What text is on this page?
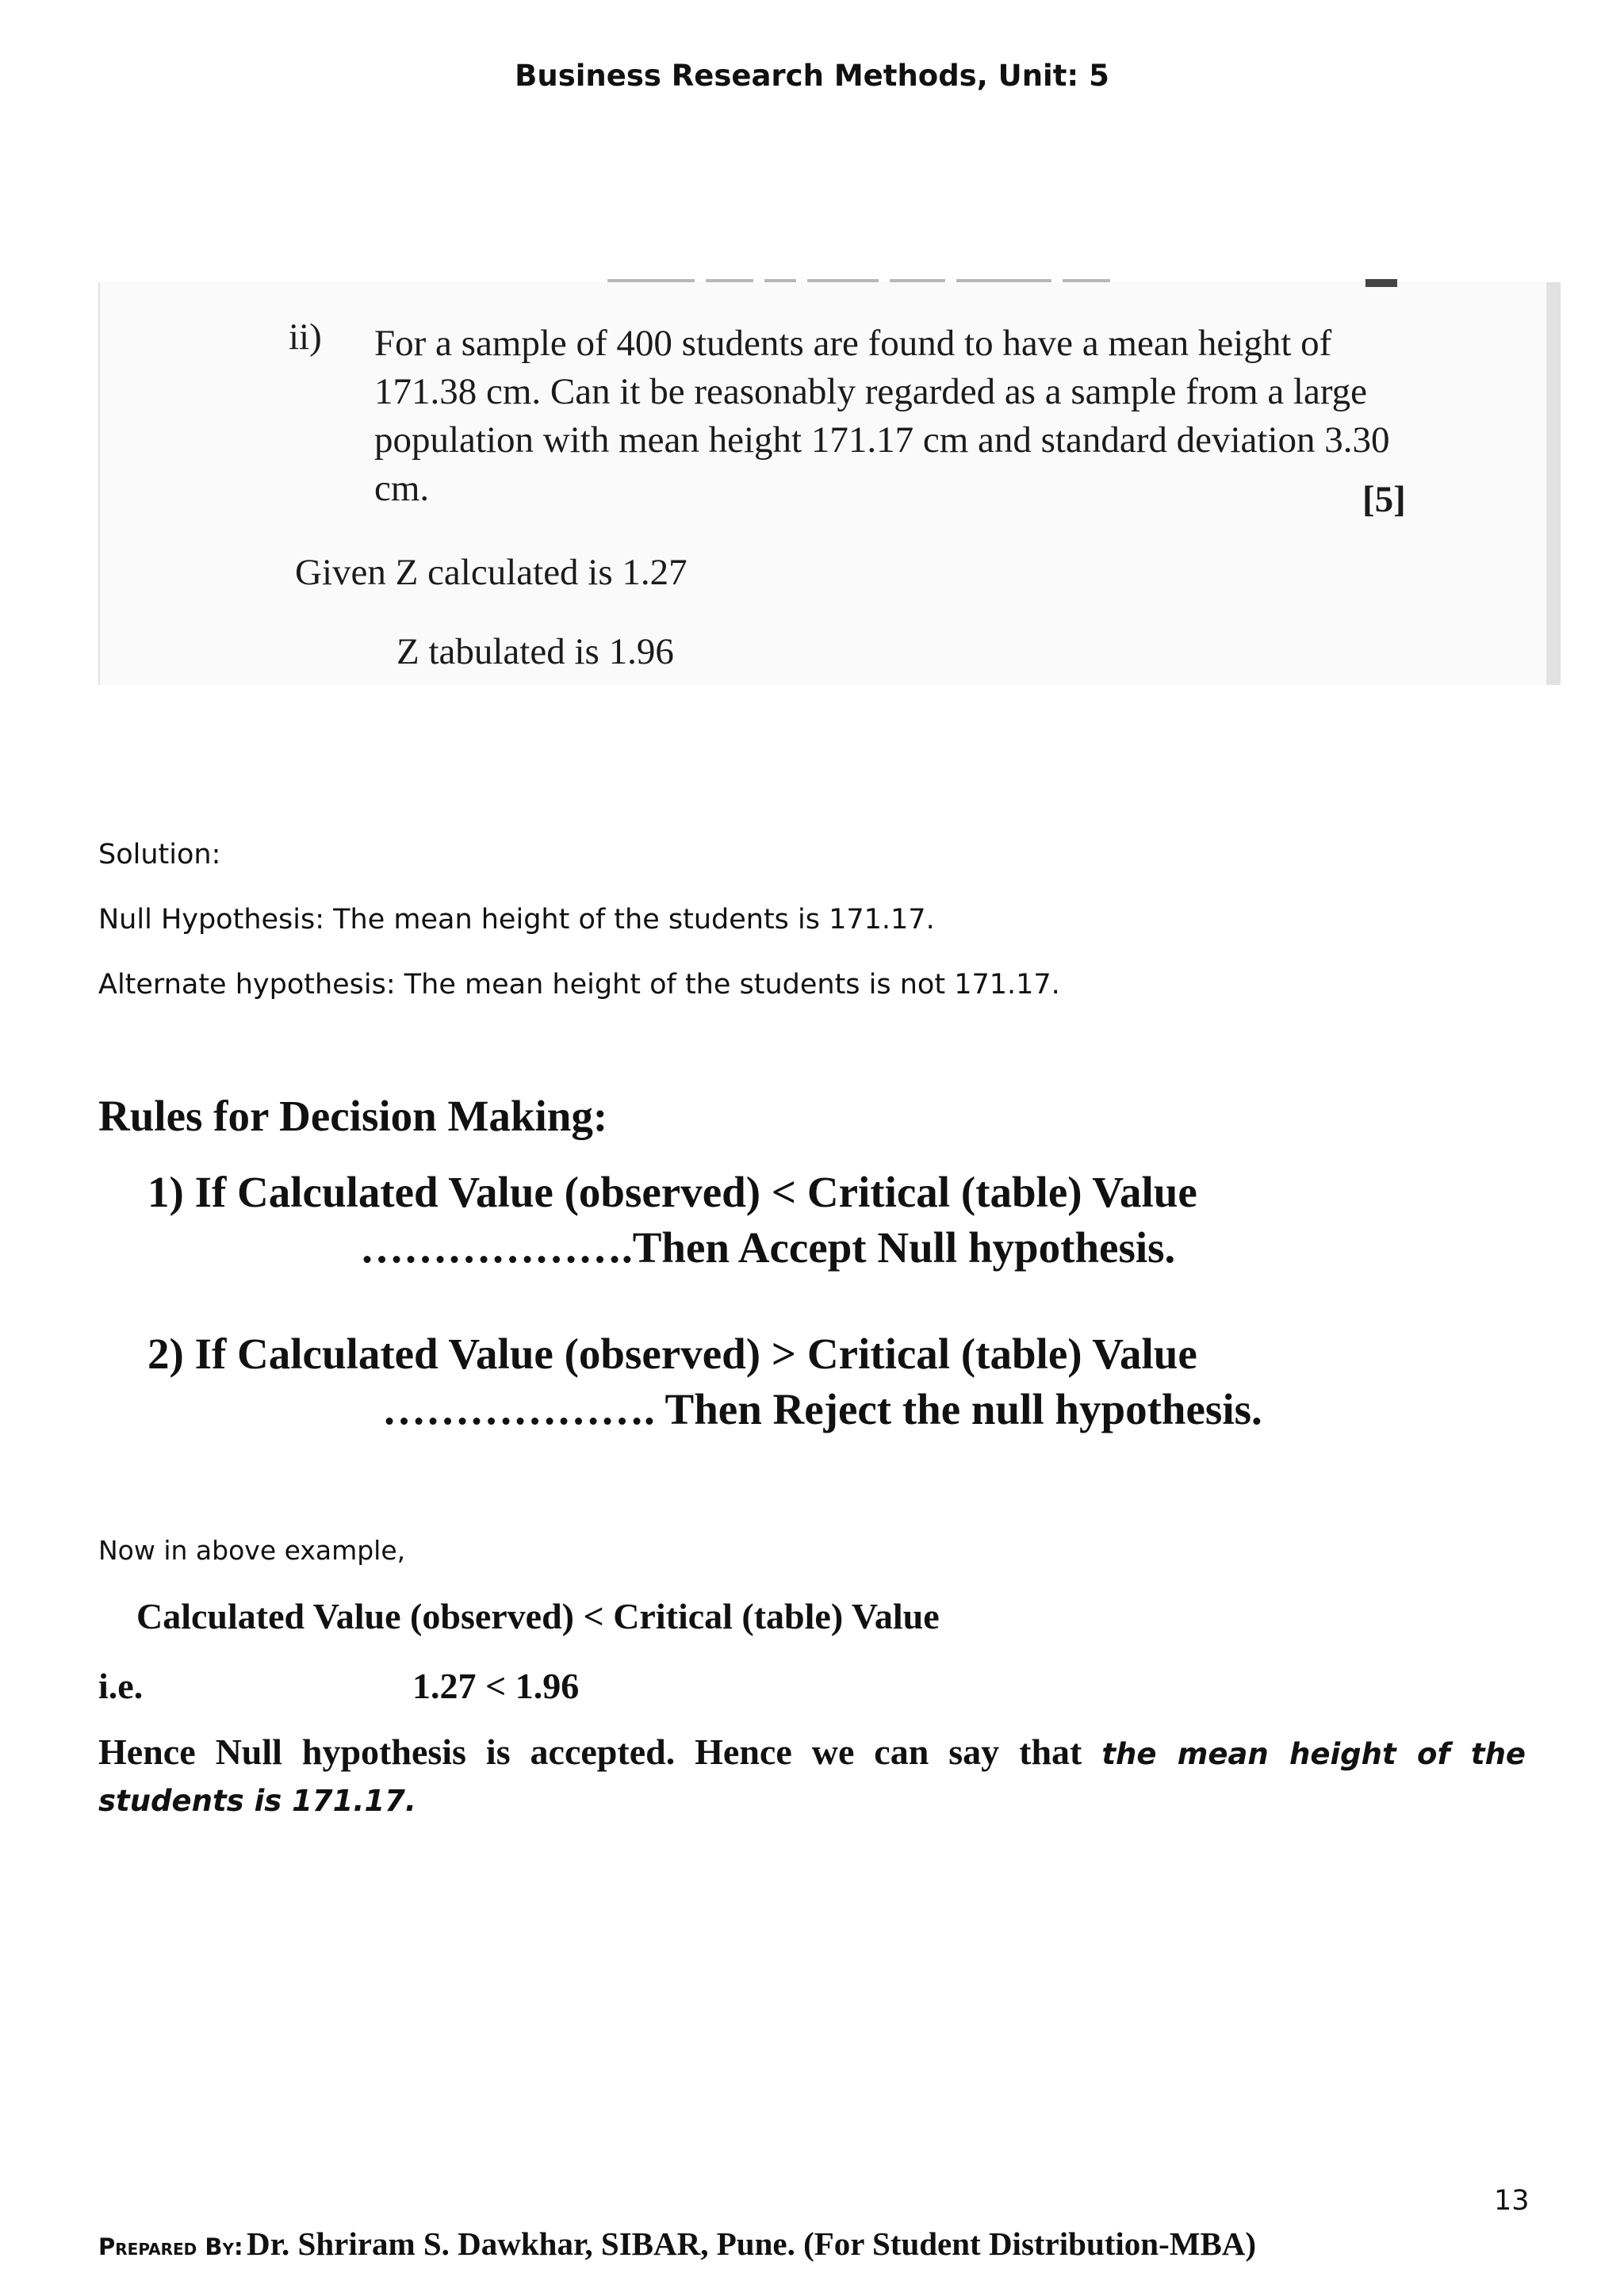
Business Research Methods, Unit: 5
ii) For a sample of 400 students are found to have a mean height of
171.38 cm. Can it be reasonably regarded as a sample from a large
population with mean height 171.17 cm and standard deviation 3.30
cm.	[5]
Given Z calculated is 1.27
Z tabulated is 1.96
Solution:
Null Hypothesis: The mean height of the students is 171.17.
Alternate hypothesis: The mean height of the students is not 171.17.
Rules for Decision Making:
1) If Calculated Value (observed) < Critical (table) Value
……………….Then Accept Null hypothesis.
2) If Calculated Value (observed) > Critical (table) Value
………………. Then Reject the null hypothesis.
Now in above example,
Calculated Value (observed) < Critical (table) Value
i.e.	1.27 < 1.96
Hence Null hypothesis is accepted. Hence we can say that the mean height of the students is 171.17.
13
Prepared By: Dr. Shriram S. Dawkhar, SIBAR, Pune. (For Student Distribution-MBA)
